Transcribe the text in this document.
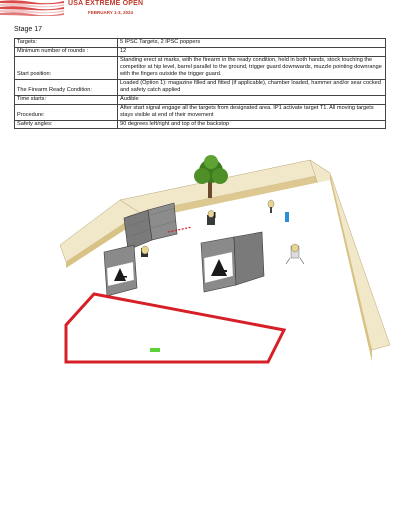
USA EXTREME OPEN
FEBRUARY 1-3, 2024
Stage 17
Targets:	5 IPSC Targets, 2 IPSC poppers
Minimum number of rounds :	12
Start position:	Standing erect at marks, with the firearm in the ready condition, held in both hands, stock touching the competitor at hip level, barrel parallel to the ground, trigger guard downwards, muzzle pointing downrange with the fingers outside the trigger guard.
The Firearm Ready Condition:	Loaded (Option 1): magazine filled and fitted (if applicable), chamber loaded, hammer and/or sear cocked and safety catch applied
Time starts:	Audible
Procedure:	After start signal engage all the targets from designated area. IP1 activate target T1. All moving targets stays visible at end of their movement
Safety angles:	90 degrees left/right and top of the backstop
